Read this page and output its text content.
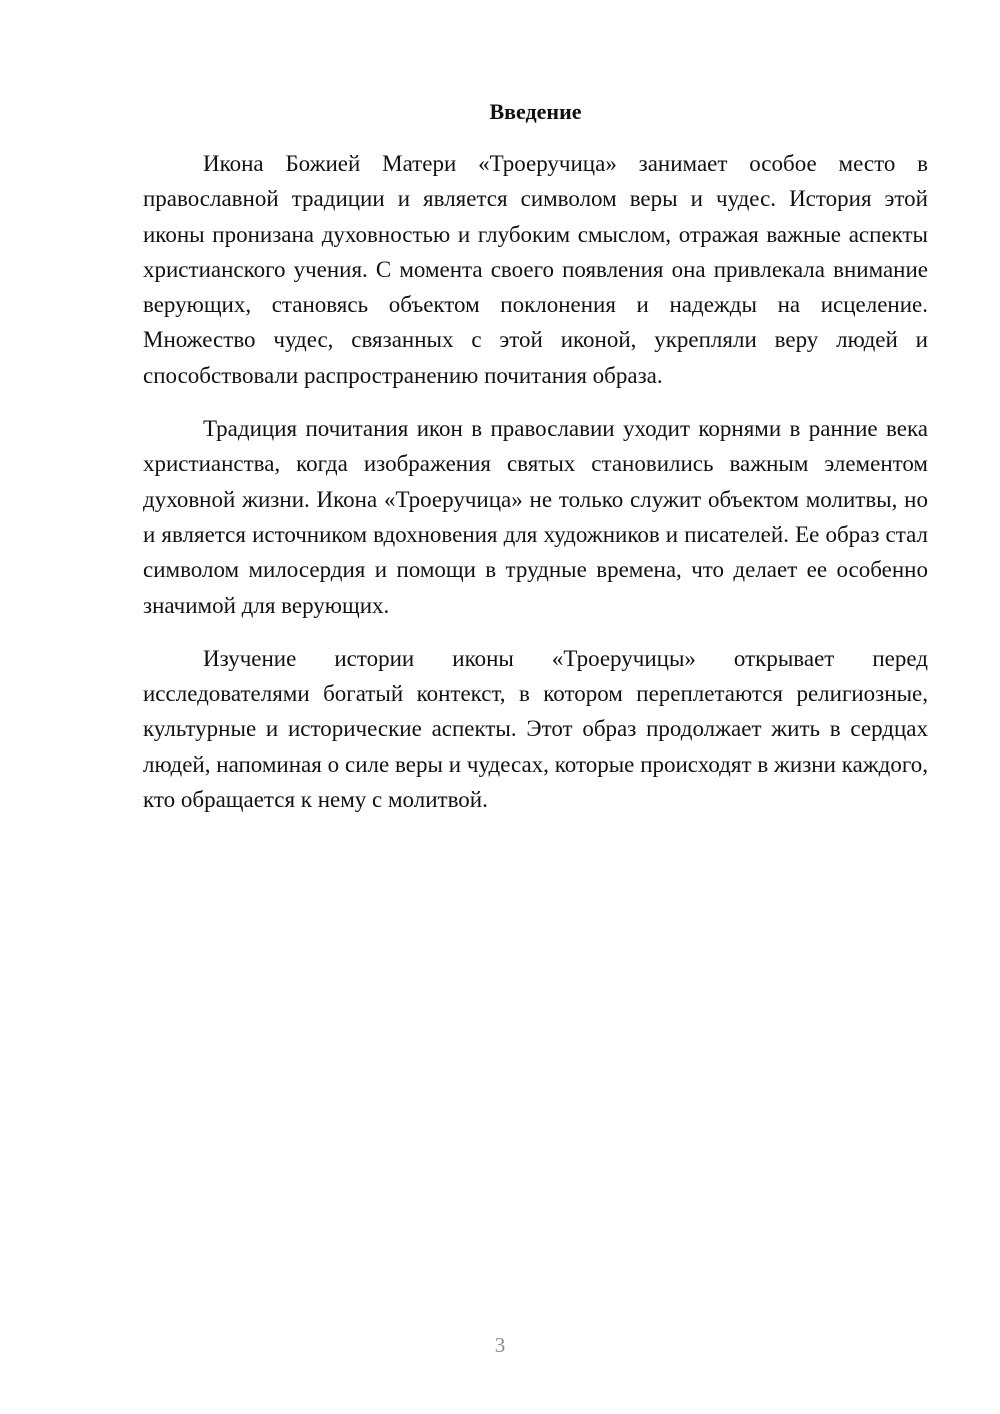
Введение

Икона Божией Матери «Троеручица» занимает особое место в православной традиции и является символом веры и чудес. История этой иконы пронизана духовностью и глубоким смыслом, отражая важные аспекты христианского учения. С момента своего появления она привлекала внимание верующих, становясь объектом поклонения и надежды на исцеление. Множество чудес, связанных с этой иконой, укрепляли веру людей и способствовали распространению почитания образа.

Традиция почитания икон в православии уходит корнями в ранние века христианства, когда изображения святых становились важным элементом духовной жизни. Икона «Троеручица» не только служит объектом молитвы, но и является источником вдохновения для художников и писателей. Ее образ стал символом милосердия и помощи в трудные времена, что делает ее особенно значимой для верующих.

Изучение истории иконы «Троеручицы» открывает перед исследователями богатый контекст, в котором переплетаются религиозные, культурные и исторические аспекты. Этот образ продолжает жить в сердцах людей, напоминая о силе веры и чудесах, которые происходят в жизни каждого, кто обращается к нему с молитвой.

3
